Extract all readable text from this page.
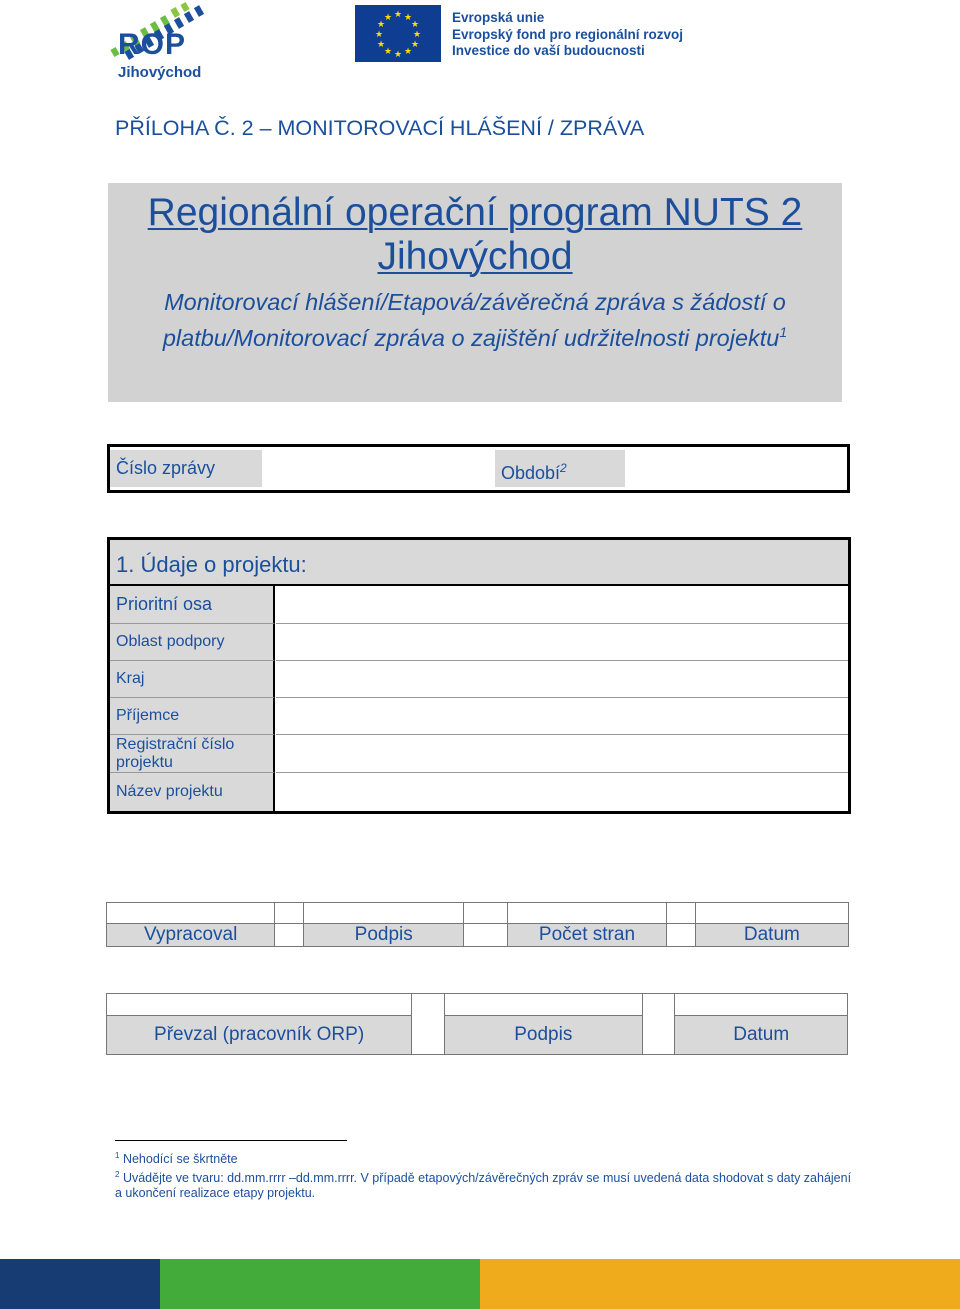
ROP
Jihovýchod
★ ★
★
★
★
★
★
★
★
★
★
★	Evropská unie
Evropský fond pro regionální rozvoj
Investice do vaší budoucnosti
PŘÍLOHA Č. 2 – MONITOROVACÍ HLÁŠENÍ / ZPRÁVA
Regionální operační program NUTS 2
Jihovýchod
Monitorovací hlášení/Etapová/závěrečná zpráva s žádostí o platbu/Monitorovací zpráva o zajištění udržitelnosti projektu$^1$
Číslo zprávy	Období$^2$
1. Údaje o projektu:
Prioritní osa
Oblast podpory
Kraj
Příjemce
Registrační číslo projektu
Název projektu

Vypracoval		Podpis		Počet stran		Datum

Převzal (pracovník ORP)		Podpis		Datum
$^1$ Nehodící se škrtněte
$^2$ Uvádějte ve tvaru: dd.mm.rrrr –dd.mm.rrrr. V případě etapových/závěrečných zpráv se musí uvedená data shodovat s daty zahájení a ukončení realizace etapy projektu.
